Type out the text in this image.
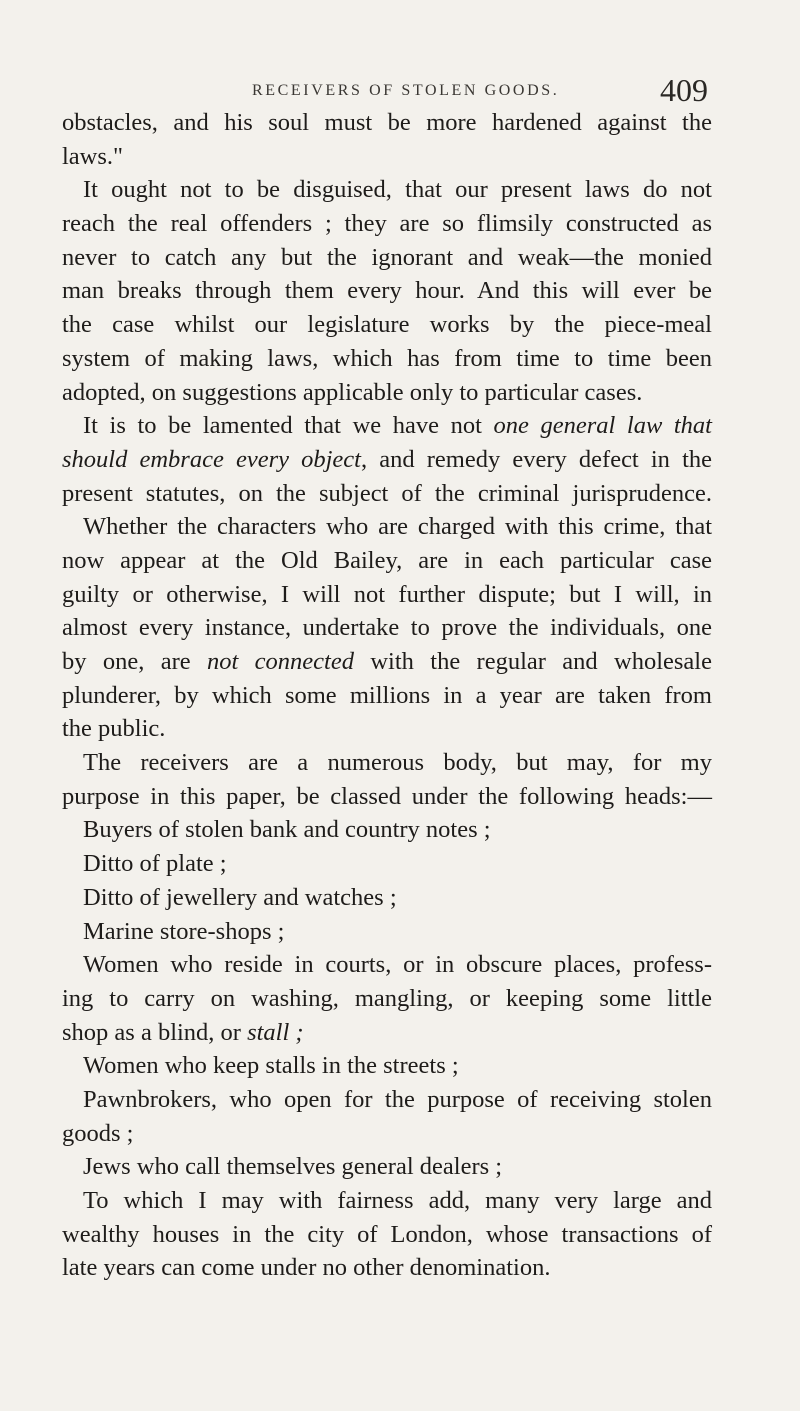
RECEIVERS OF STOLEN GOODS.	409
obstacles, and his soul must be more hardened against the
laws."
It ought not to be disguised, that our present laws do not
reach the real offenders ; they are so flimsily constructed as
never to catch any but the ignorant and weak—the monied
man breaks through them every hour. And this will ever be
the case whilst our legislature works by the piece-meal
system of making laws, which has from time to time been
adopted, on suggestions applicable only to particular cases.
It is to be lamented that we have not one general law that
should embrace every object, and remedy every defect in the
present statutes, on the subject of the criminal jurisprudence.
Whether the characters who are charged with this crime, that
now appear at the Old Bailey, are in each particular case
guilty or otherwise, I will not further dispute; but I will, in
almost every instance, undertake to prove the individuals, one
by one, are not connected with the regular and wholesale
plunderer, by which some millions in a year are taken from
the public.
The receivers are a numerous body, but may, for my
purpose in this paper, be classed under the following heads:—
Buyers of stolen bank and country notes ;
Ditto of plate ;
Ditto of jewellery and watches ;
Marine store-shops ;
Women who reside in courts, or in obscure places, profess-
ing to carry on washing, mangling, or keeping some little
shop as a blind, or stall ;
Women who keep stalls in the streets ;
Pawnbrokers, who open for the purpose of receiving stolen
goods ;
Jews who call themselves general dealers ;
To which I may with fairness add, many very large and
wealthy houses in the city of London, whose transactions of
late years can come under no other denomination.
